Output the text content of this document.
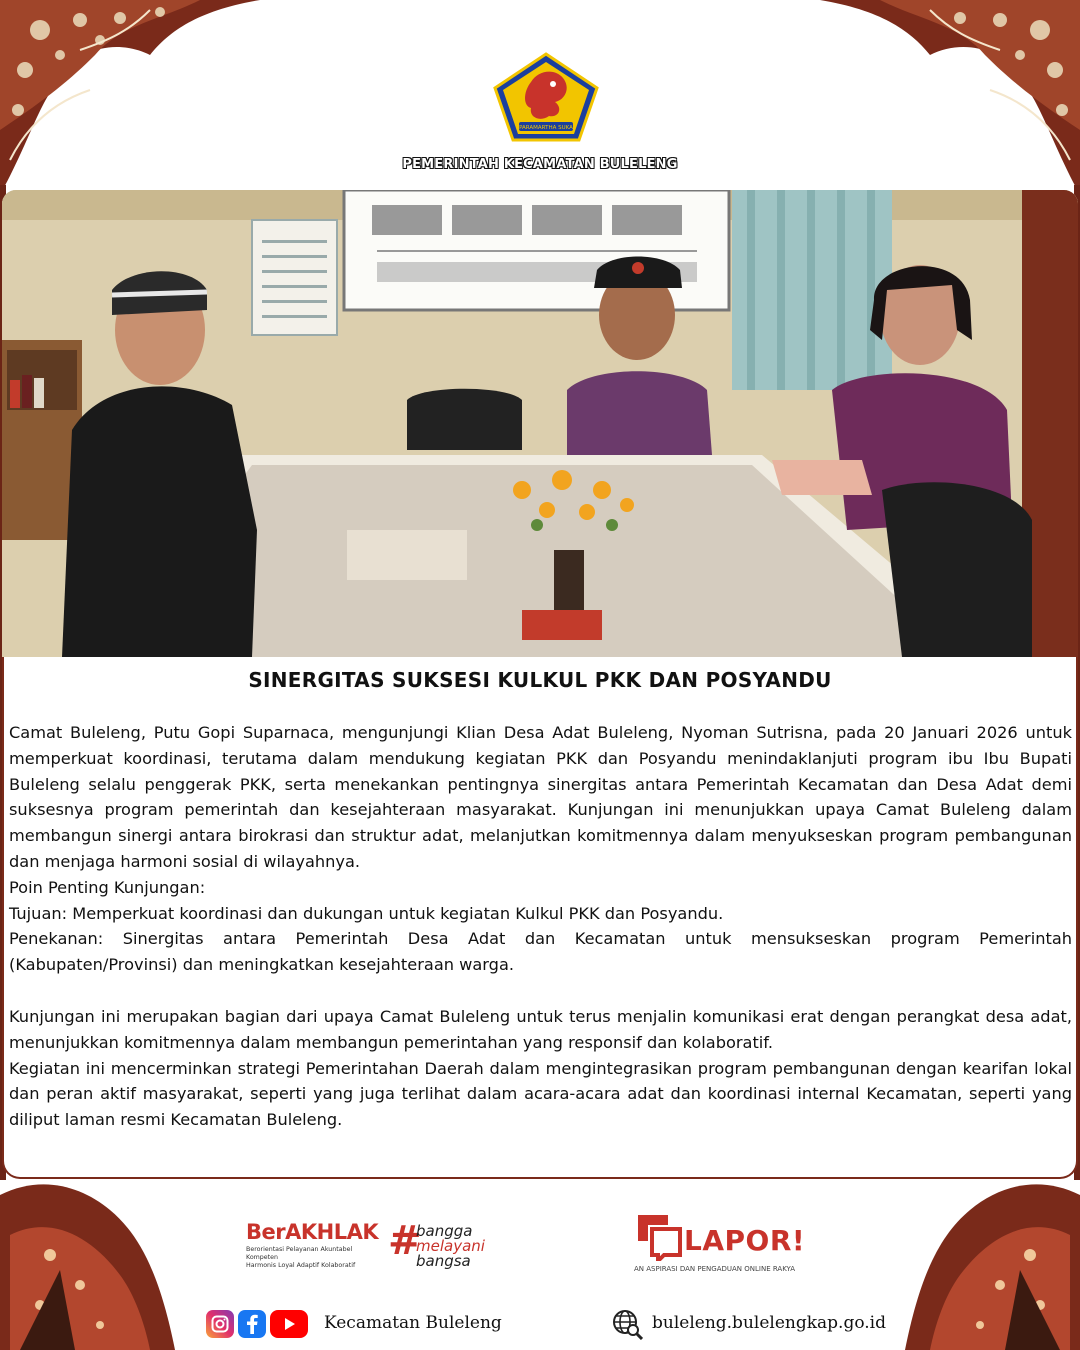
PARAMARTHA SUKA
PEMERINTAH KECAMATAN BULELENG
SINERGITAS SUKSESI KULKUL PKK DAN POSYANDU

Camat Buleleng, Putu Gopi Suparnaca, mengunjungi Klian Desa Adat Buleleng, Nyoman Sutrisna, pada 20 Januari 2026 untuk memperkuat koordinasi, terutama dalam mendukung kegiatan PKK dan Posyandu menindaklanjuti program ibu Ibu Bupati Buleleng selalu penggerak PKK, serta menekankan pentingnya sinergitas antara Pemerintah Kecamatan dan Desa Adat demi suksesnya program pemerintah dan kesejahteraan masyarakat. Kunjungan ini menunjukkan upaya Camat Buleleng dalam membangun sinergi antara birokrasi dan struktur adat, melanjutkan komitmennya dalam menyukseskan program pembangunan dan menjaga harmoni sosial di wilayahnya.

Poin Penting Kunjungan:

Tujuan: Memperkuat koordinasi dan dukungan untuk kegiatan Kulkul PKK dan Posyandu.

Penekanan: Sinergitas antara Pemerintah Desa Adat dan Kecamatan untuk mensukseskan program Pemerintah (Kabupaten/Provinsi) dan meningkatkan kesejahteraan warga.

Kunjungan ini merupakan bagian dari upaya Camat Buleleng untuk terus menjalin komunikasi erat dengan perangkat desa adat, menunjukkan komitmennya dalam membangun pemerintahan yang responsif dan kolaboratif.

Kegiatan ini mencerminkan strategi Pemerintahan Daerah dalam mengintegrasikan program pembangunan dengan kearifan lokal dan peran aktif masyarakat, seperti yang juga terlihat dalam acara-acara adat dan koordinasi internal Kecamatan, seperti yang diliput laman resmi Kecamatan Buleleng.

BerAKHLAK
Berorientasi Pelayanan Akuntabel Kompeten
Harmonis Loyal Adaptif Kolaboratif
#
bangga
melayani
bangsa
LAPOR!
AN ASPIRASI DAN PENGADUAN ONLINE RAKYA
Kecamatan Buleleng	buleleng.bulelengkap.go.id
